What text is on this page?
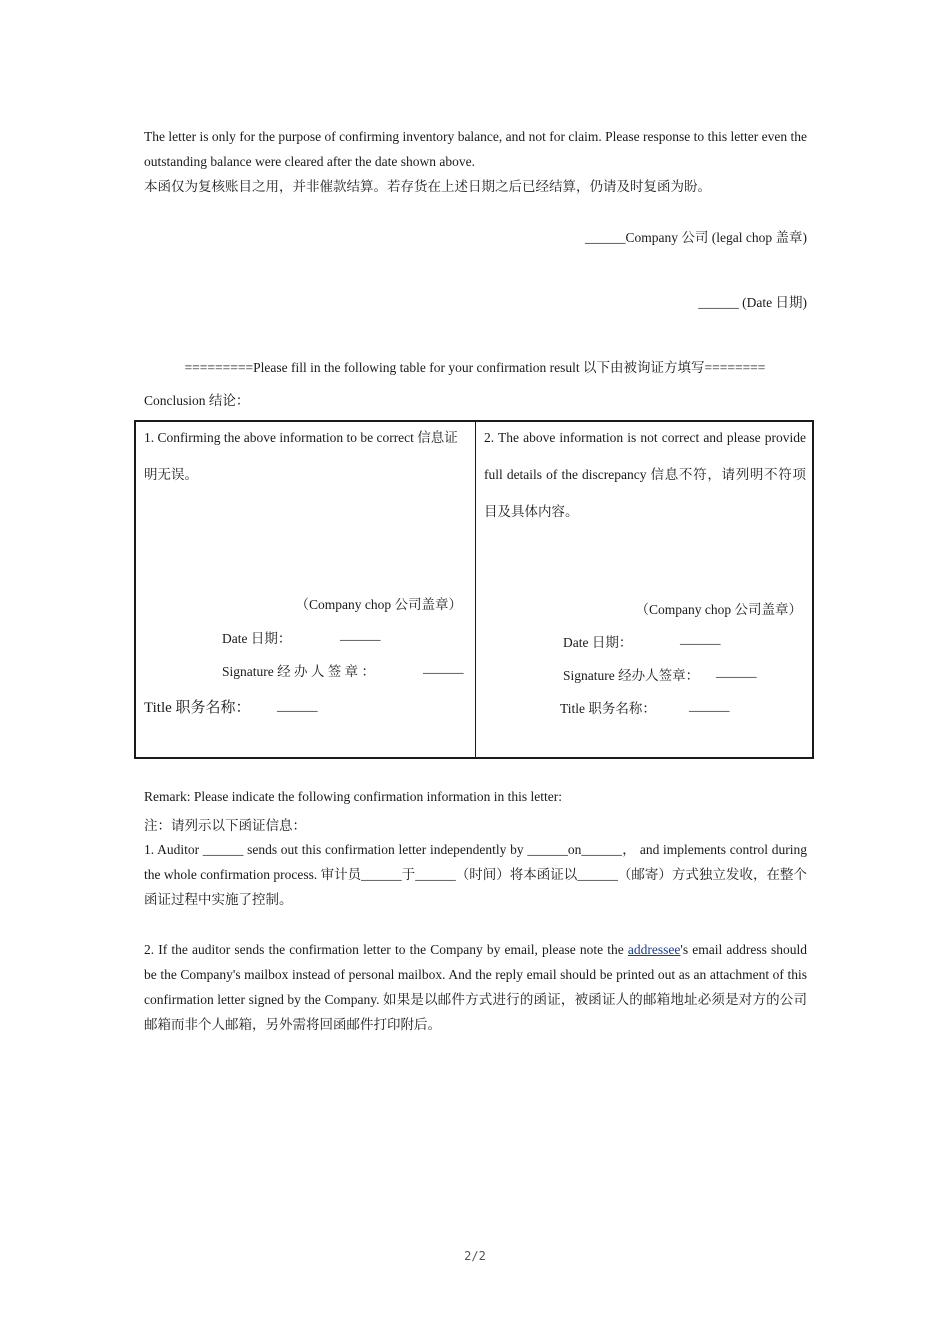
The letter is only for the purpose of confirming inventory balance, and not for claim. Please response to this letter even the outstanding balance were cleared after the date shown above.
本函仅为复核账目之用，并非催款结算。若存货在上述日期之后已经结算，仍请及时复函为盼。
______Company 公司 (legal chop 盖章)
______ (Date 日期)
=========Please fill in the following table for your confirmation result 以下由被询证方填写========
Conclusion 结论：
1. Confirming the above information to be correct 信息证明无误。
（Company chop 公司盖章）
Date 日期：	______
Signature 经 办 人 签 章 ：	______
Title 职务名称： ______
2. The above information is not correct and please provide full details of the discrepancy 信息不符，请列明不符项目及具体内容。
（Company chop 公司盖章）
Date 日期：	______
Signature 经办人签章： ______
Title 职务名称： ______
Remark: Please indicate the following confirmation information in this letter:
注：请列示以下函证信息：
1. Auditor ______ sends out this confirmation letter independently by ______on______， and implements control during the whole confirmation process. 审计员______于______（时间）将本函证以______（邮寄）方式独立发收，在整个函证过程中实施了控制。
2. If the auditor sends the confirmation letter to the Company by email, please note the addressee's email address should be the Company's mailbox instead of personal mailbox. And the reply email should be printed out as an attachment of this confirmation letter signed by the Company. 如果是以邮件方式进行的函证，被函证人的邮箱地址必须是对方的公司邮箱而非个人邮箱，另外需将回函邮件打印附后。
2/2
